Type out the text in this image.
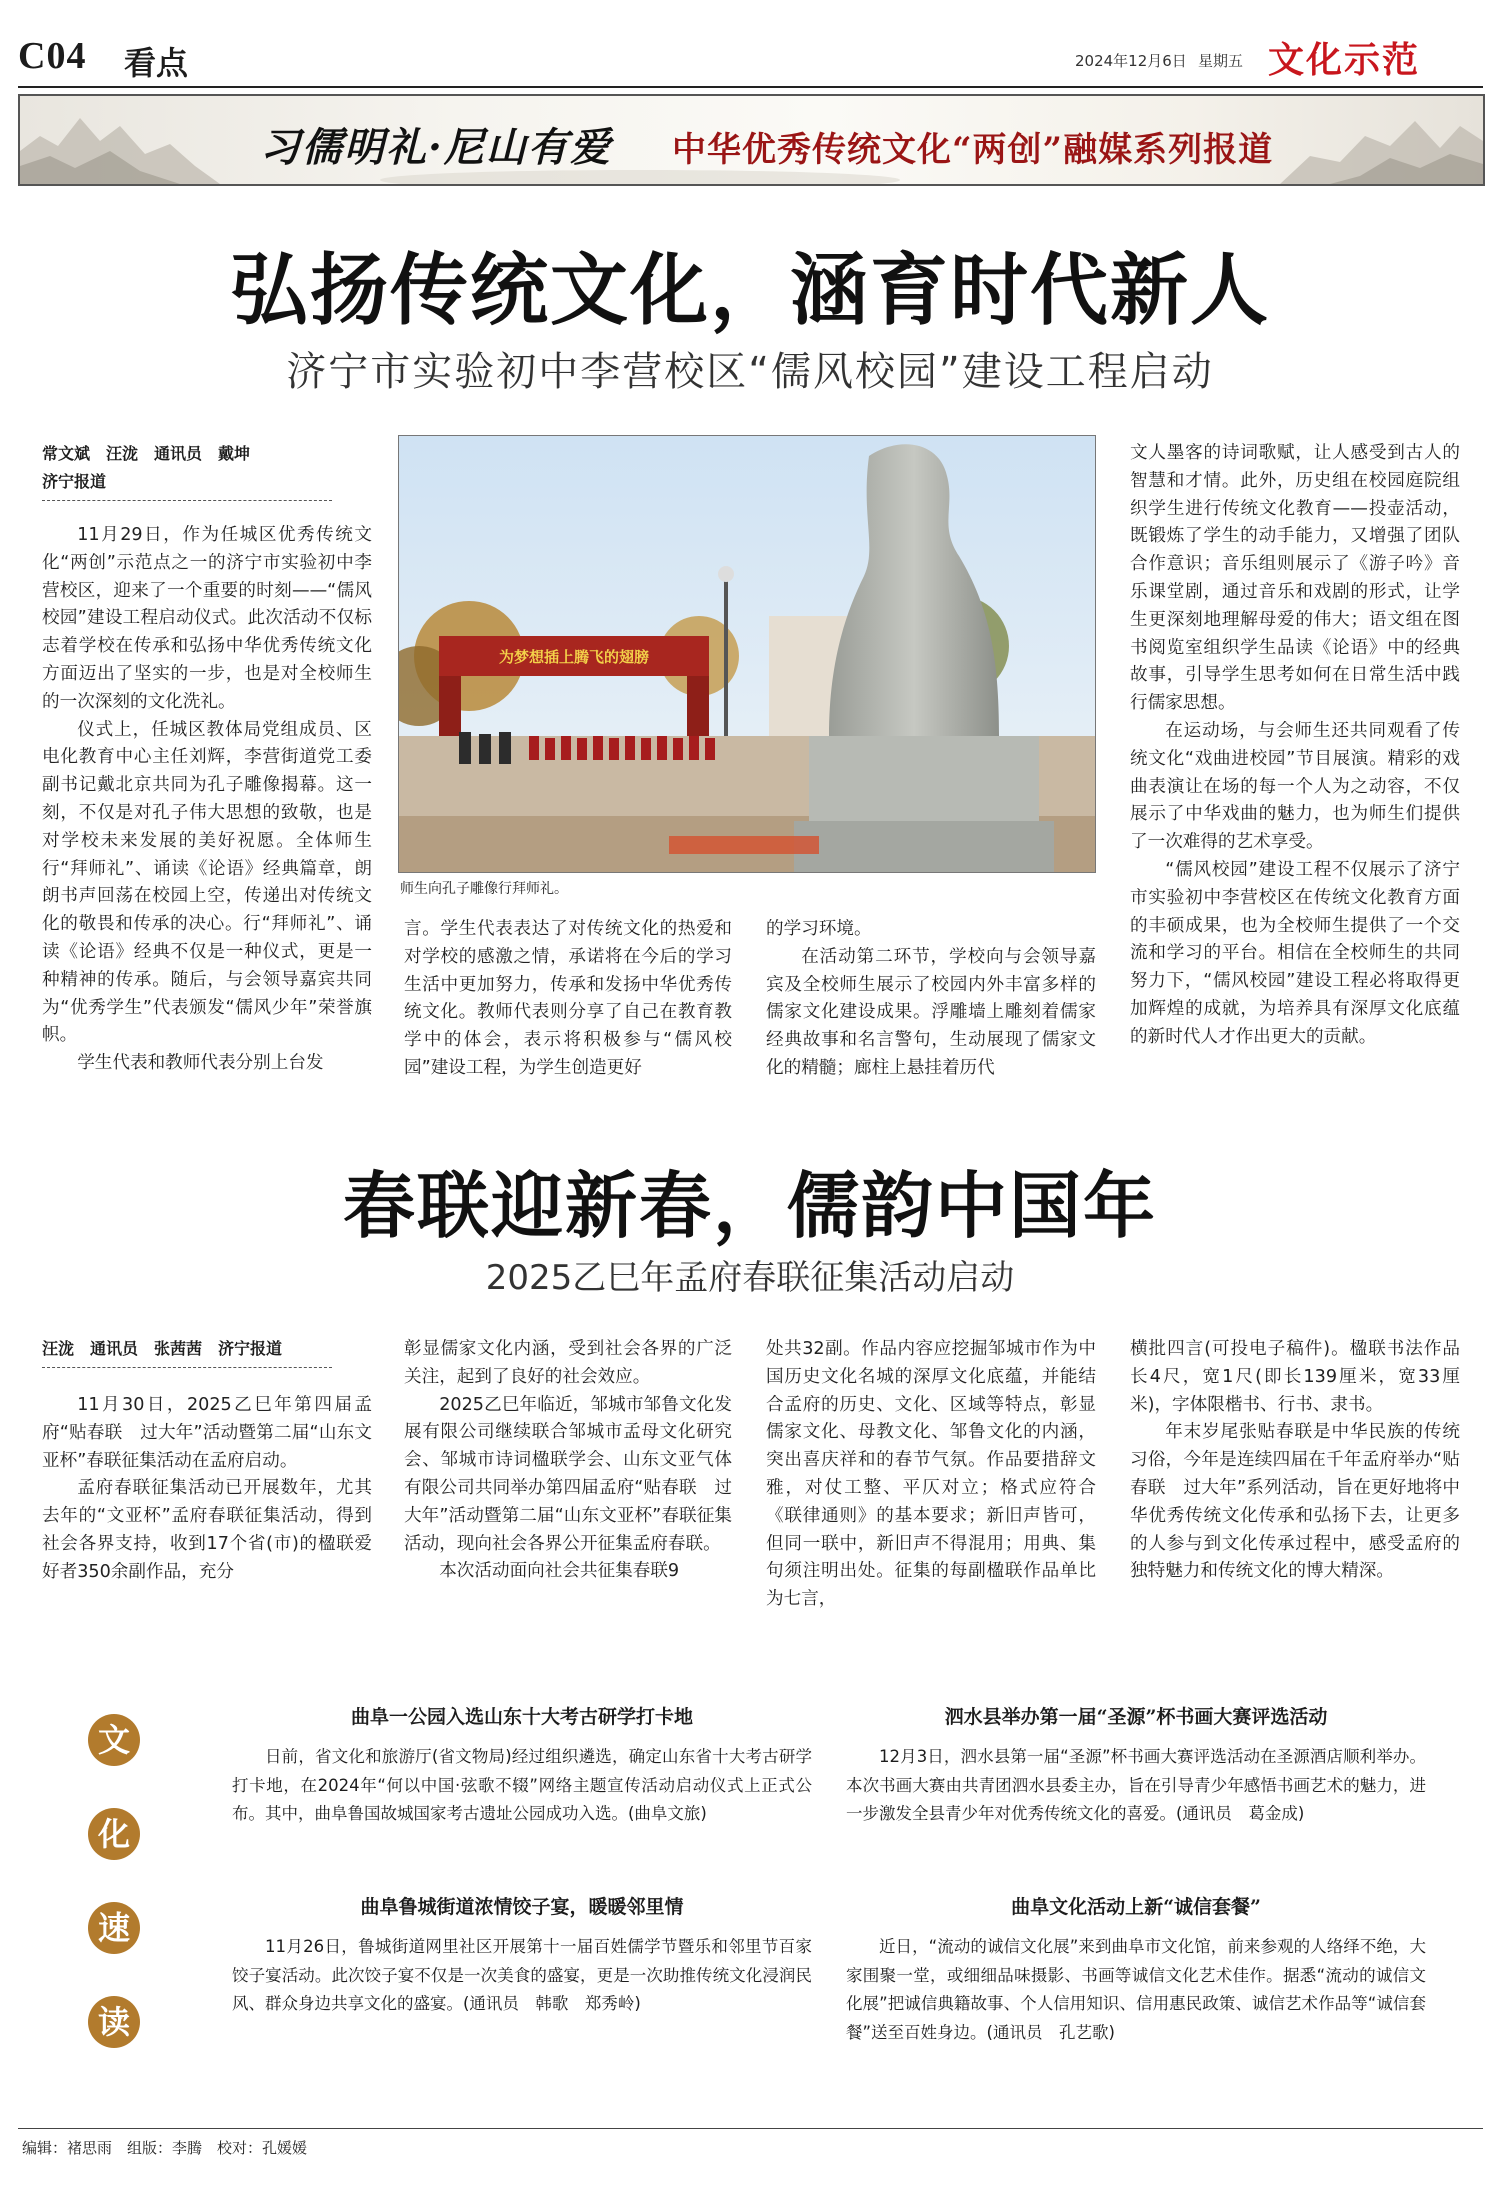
C04 看点	2024年12月6日 星期五 文化示范
习儒明礼·尼山有爱 中华优秀传统文化“两创”融媒系列报道
弘扬传统文化，涵育时代新人
济宁市实验初中李营校区“儒风校园”建设工程启动
常文斌　汪泷　通讯员　戴坤
济宁报道

11月29日，作为任城区优秀传统文化“两创”示范点之一的济宁市实验初中李营校区，迎来了一个重要的时刻——“儒风校园”建设工程启动仪式。此次活动不仅标志着学校在传承和弘扬中华优秀传统文化方面迈出了坚实的一步，也是对全校师生的一次深刻的文化洗礼。

仪式上，任城区教体局党组成员、区电化教育中心主任刘辉，李营街道党工委副书记戴北京共同为孔子雕像揭幕。这一刻，不仅是对孔子伟大思想的致敬，也是对学校未来发展的美好祝愿。全体师生行“拜师礼”、诵读《论语》经典篇章，朗朗书声回荡在校园上空，传递出对传统文化的敬畏和传承的决心。行“拜师礼”、诵读《论语》经典不仅是一种仪式，更是一种精神的传承。随后，与会领导嘉宾共同为“优秀学生”代表颁发“儒风少年”荣誉旗帜。

学生代表和教师代表分别上台发

为梦想插上腾飞的翅膀
师生向孔子雕像行拜师礼。

言。学生代表表达了对传统文化的热爱和对学校的感激之情，承诺将在今后的学习生活中更加努力，传承和发扬中华优秀传统文化。教师代表则分享了自己在教育教学中的体会，表示将积极参与“儒风校园”建设工程，为学生创造更好

的学习环境。

在活动第二环节，学校向与会领导嘉宾及全校师生展示了校园内外丰富多样的儒家文化建设成果。浮雕墙上雕刻着儒家经典故事和名言警句，生动展现了儒家文化的精髓；廊柱上悬挂着历代

文人墨客的诗词歌赋，让人感受到古人的智慧和才情。此外，历史组在校园庭院组织学生进行传统文化教育——投壶活动，既锻炼了学生的动手能力，又增强了团队合作意识；音乐组则展示了《游子吟》音乐课堂剧，通过音乐和戏剧的形式，让学生更深刻地理解母爱的伟大；语文组在图书阅览室组织学生品读《论语》中的经典故事，引导学生思考如何在日常生活中践行儒家思想。

在运动场，与会师生还共同观看了传统文化“戏曲进校园”节目展演。精彩的戏曲表演让在场的每一个人为之动容，不仅展示了中华戏曲的魅力，也为师生们提供了一次难得的艺术享受。

“儒风校园”建设工程不仅展示了济宁市实验初中李营校区在传统文化教育方面的丰硕成果，也为全校师生提供了一个交流和学习的平台。相信在全校师生的共同努力下，“儒风校园”建设工程必将取得更加辉煌的成就，为培养具有深厚文化底蕴的新时代人才作出更大的贡献。

春联迎新春，儒韵中国年
2025乙巳年孟府春联征集活动启动
汪泷　通讯员　张茜茜　济宁报道

11月30日，2025乙巳年第四届孟府“贴春联　过大年”活动暨第二届“山东文亚杯”春联征集活动在孟府启动。

孟府春联征集活动已开展数年，尤其去年的“文亚杯”孟府春联征集活动，得到社会各界支持，收到17个省(市)的楹联爱好者350余副作品，充分

彰显儒家文化内涵，受到社会各界的广泛关注，起到了良好的社会效应。

2025乙巳年临近，邹城市邹鲁文化发展有限公司继续联合邹城市孟母文化研究会、邹城市诗词楹联学会、山东文亚气体有限公司共同举办第四届孟府“贴春联　过大年”活动暨第二届“山东文亚杯”春联征集活动，现向社会各界公开征集孟府春联。

本次活动面向社会共征集春联9

处共32副。作品内容应挖掘邹城市作为中国历史文化名城的深厚文化底蕴，并能结合孟府的历史、文化、区域等特点，彰显儒家文化、母教文化、邹鲁文化的内涵，突出喜庆祥和的春节气氛。作品要措辞文雅，对仗工整、平仄对立；格式应符合《联律通则》的基本要求；新旧声皆可，但同一联中，新旧声不得混用；用典、集句须注明出处。征集的每副楹联作品单比为七言，

横批四言(可投电子稿件)。楹联书法作品长4尺，宽1尺(即长139厘米，宽33厘米)，字体限楷书、行书、隶书。

年末岁尾张贴春联是中华民族的传统习俗，今年是连续四届在千年孟府举办“贴春联　过大年”系列活动，旨在更好地将中华优秀传统文化传承和弘扬下去，让更多的人参与到文化传承过程中，感受孟府的独特魅力和传统文化的博大精深。

文
化
速
读
曲阜一公园入选山东十大考古研学打卡地

日前，省文化和旅游厅(省文物局)经过组织遴选，确定山东省十大考古研学打卡地，在2024年“何以中国·弦歌不辍”网络主题宣传活动启动仪式上正式公布。其中，曲阜鲁国故城国家考古遗址公园成功入选。(曲阜文旅)

泗水县举办第一届“圣源”杯书画大赛评选活动

12月3日，泗水县第一届“圣源”杯书画大赛评选活动在圣源酒店顺利举办。本次书画大赛由共青团泗水县委主办，旨在引导青少年感悟书画艺术的魅力，进一步激发全县青少年对优秀传统文化的喜爱。(通讯员　葛金成)

曲阜鲁城街道浓情饺子宴，暖暖邻里情

11月26日，鲁城街道网里社区开展第十一届百姓儒学节暨乐和邻里节百家饺子宴活动。此次饺子宴不仅是一次美食的盛宴，更是一次助推传统文化浸润民风、群众身边共享文化的盛宴。(通讯员　韩歌　郑秀岭)

曲阜文化活动上新“诚信套餐”

近日，“流动的诚信文化展”来到曲阜市文化馆，前来参观的人络绎不绝，大家围聚一堂，或细细品味摄影、书画等诚信文化艺术佳作。据悉“流动的诚信文化展”把诚信典籍故事、个人信用知识、信用惠民政策、诚信艺术作品等“诚信套餐”送至百姓身边。(通讯员　孔艺歌)

编辑：褚思雨　组版：李腾　校对：孔媛媛
